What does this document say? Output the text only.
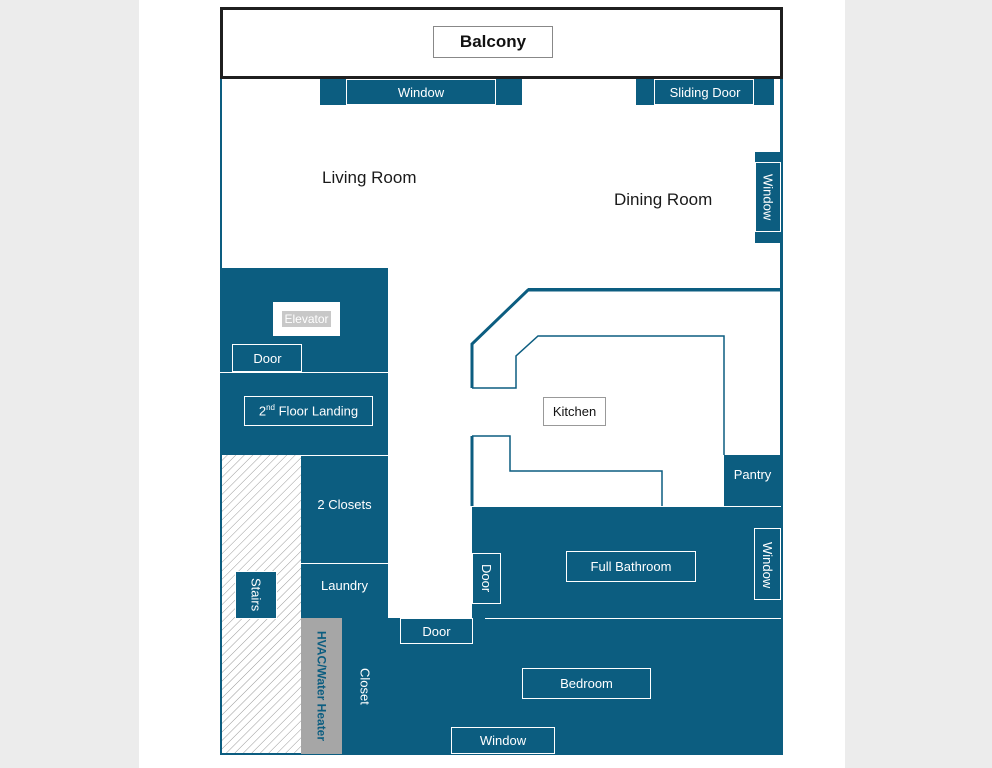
Balcony
Window	Sliding Door
Window
Living Room
Dining Room
Elevator
Door
2nd Floor Landing
2 Closets
Laundry
Stairs
HVAC/Water Heater Closet
Kitchen
Pantry
Full Bathroom
Door	Window
Door
Bedroom
Window
